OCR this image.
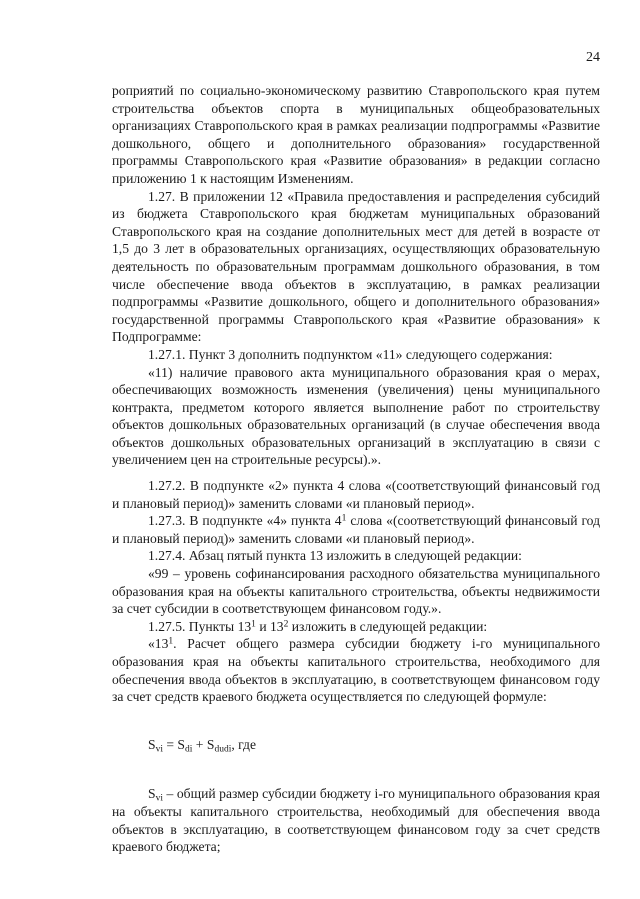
24

роприятий по социально-экономическому развитию Ставропольского края путем строительства объектов спорта в муниципальных общеобразовательных организациях Ставропольского края в рамках реализации подпрограммы «Развитие дошкольного, общего и дополнительного образования» государственной программы Ставропольского края «Развитие образования» в редакции согласно приложению 1 к настоящим Изменениям.

1.27. В приложении 12 «Правила предоставления и распределения субсидий из бюджета Ставропольского края бюджетам муниципальных образований Ставропольского края на создание дополнительных мест для детей в возрасте от 1,5 до 3 лет в образовательных организациях, осуществляющих образовательную деятельность по образовательным программам дошкольного образования, в том числе обеспечение ввода объектов в эксплуатацию, в рамках реализации подпрограммы «Развитие дошкольного, общего и дополнительного образования» государственной программы Ставропольского края «Развитие образования» к Подпрограмме:

1.27.1. Пункт 3 дополнить подпунктом «11» следующего содержания:

«11) наличие правового акта муниципального образования края о мерах, обеспечивающих возможность изменения (увеличения) цены муниципального контракта, предметом которого является выполнение работ по строительству объектов дошкольных образовательных организаций (в случае обеспечения ввода объектов дошкольных образовательных организаций в эксплуатацию в связи с увеличением цен на строительные ресурсы).».

1.27.2. В подпункте «2» пункта 4 слова «(соответствующий финансовый год и плановый период)» заменить словами «и плановый период».

1.27.3. В подпункте «4» пункта $4^1$ слова «(соответствующий финансовый год и плановый период)» заменить словами «и плановый период».

1.27.4. Абзац пятый пункта 13 изложить в следующей редакции:

«99 – уровень софинансирования расходного обязательства муниципального образования края на объекты капитального строительства, объекты недвижимости за счет субсидии в соответствующем финансовом году.».

1.27.5. Пункты $13^1$ и $13^2$ изложить в следующей редакции:

«$13^1$. Расчет общего размера субсидии бюджету i-го муниципального образования края на объекты капитального строительства, необходимого для обеспечения ввода объектов в эксплуатацию, в соответствующем финансовом году за счет средств краевого бюджета осуществляется по следующей формуле:

$S_{vi} = S_{di} + S_{dudi}$, где

$S_{vi}$ – общий размер субсидии бюджету i-го муниципального образования края на объекты капитального строительства, необходимый для обеспечения ввода объектов в эксплуатацию, в соответствующем финансовом году за счет средств краевого бюджета;
